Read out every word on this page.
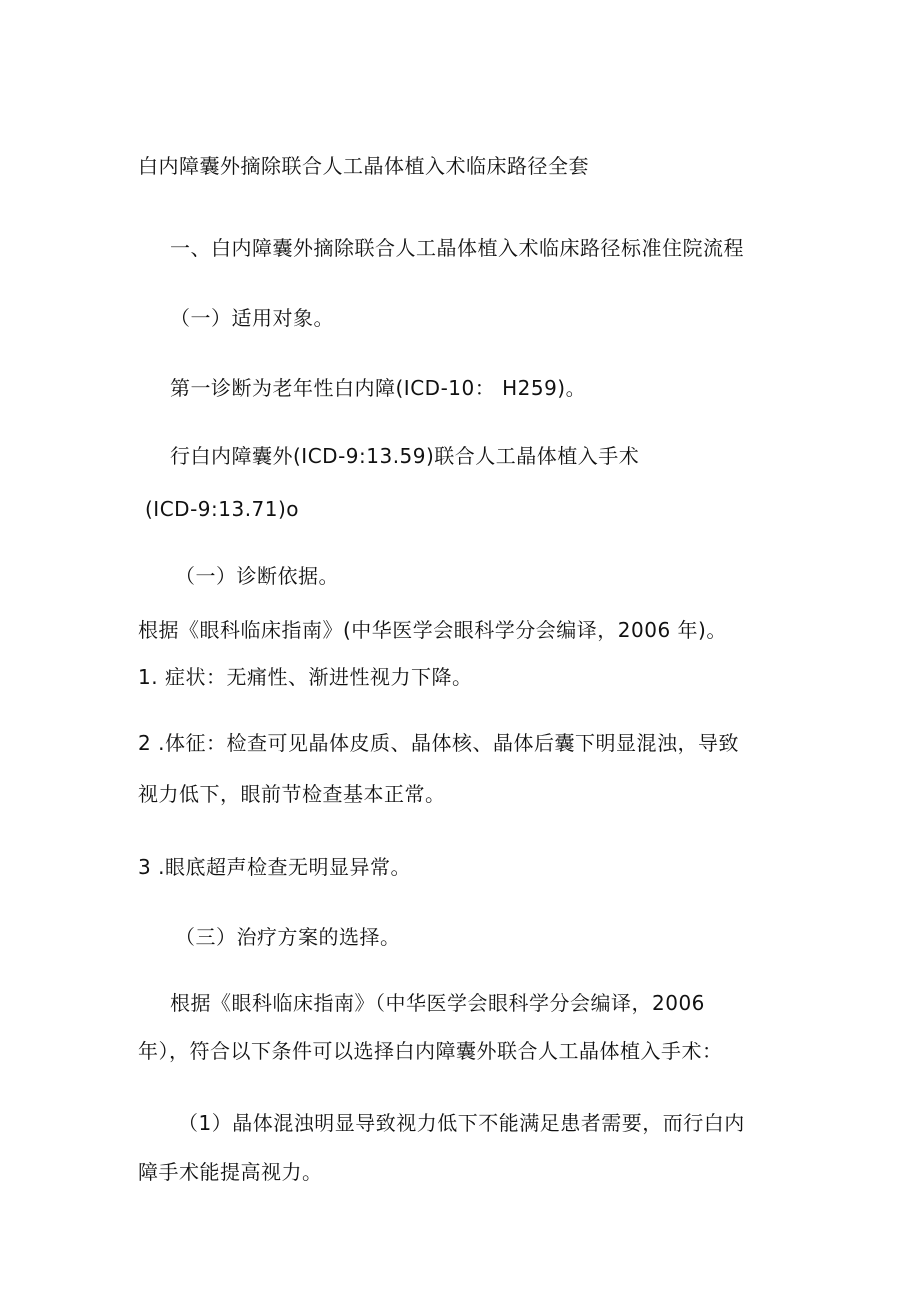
白内障囊外摘除联合人工晶体植入术临床路径全套
一、白内障囊外摘除联合人工晶体植入术临床路径标准住院流程
（一）适用对象。
第一诊断为老年性白内障(ICD-10： H259)。
行白内障囊外(ICD-9:13.59)联合人工晶体植入手术
(ICD-9:13.71)o
（一）诊断依据。
根据《眼科临床指南》(中华医学会眼科学分会编译，2006 年)。
1. 症状：无痛性、渐进性视力下降。
2 .体征：检查可见晶体皮质、晶体核、晶体后囊下明显混浊，导致
视力低下，眼前节检查基本正常。
3 .眼底超声检查无明显异常。
（三）治疗方案的选择。
根据《眼科临床指南》（中华医学会眼科学分会编译，2006
年），符合以下条件可以选择白内障囊外联合人工晶体植入手术：
（1）晶体混浊明显导致视力低下不能满足患者需要，而行白内
障手术能提高视力。
